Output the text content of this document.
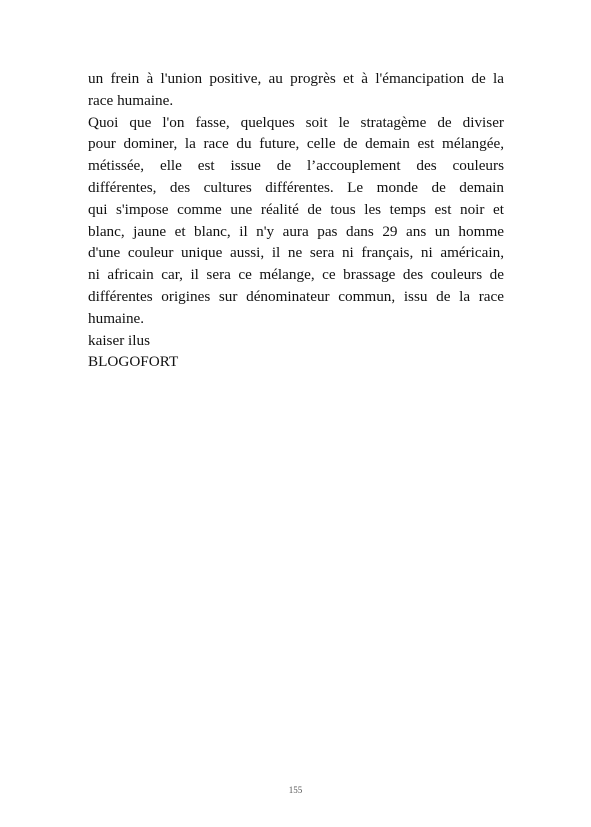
un frein à l'union positive, au progrès et à l'émancipation de la
race humaine.
Quoi que l'on fasse, quelques soit le stratagème de diviser
pour dominer, la race du future, celle de demain est mélangée,
métissée, elle est issue de l’accouplement des couleurs
différentes, des cultures différentes. Le monde de demain
qui s'impose comme une réalité de tous les temps est noir et
blanc, jaune et blanc, il n'y aura pas dans 29 ans un homme
d'une couleur unique aussi, il ne sera ni français, ni américain,
ni africain car, il sera ce mélange, ce brassage des couleurs de
différentes origines sur dénominateur commun, issu de la race
humaine.
kaiser ilus
BLOGOFORT
155
